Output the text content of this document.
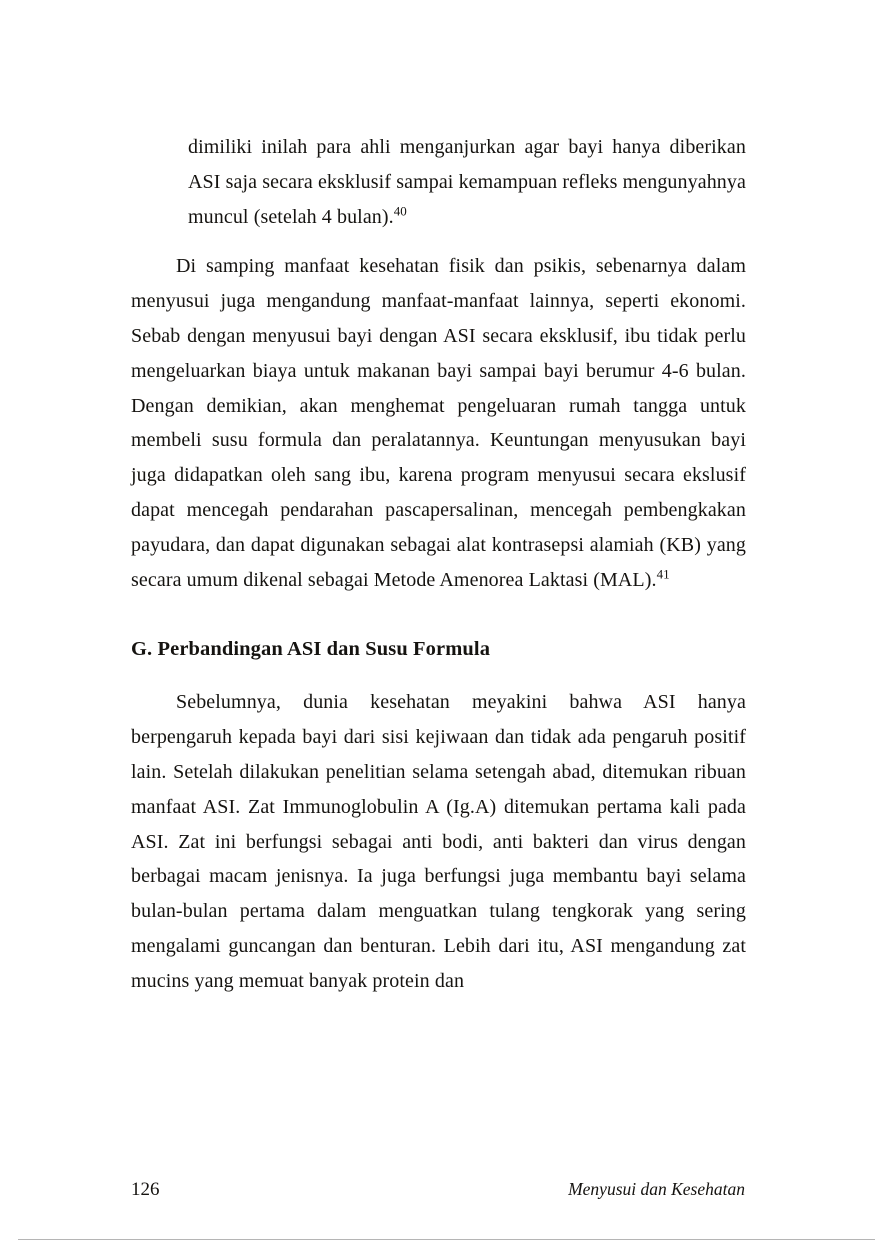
dimiliki inilah para ahli menganjurkan agar bayi hanya diberikan ASI saja secara eksklusif sampai kemampuan refleks mengunyahnya muncul (setelah 4 bulan).$^{40}$

Di samping manfaat kesehatan fisik dan psikis, sebenarnya dalam menyusui juga mengandung manfaat-manfaat lainnya, seperti ekonomi. Sebab dengan menyusui bayi dengan ASI secara eksklusif, ibu tidak perlu mengeluarkan biaya untuk makanan bayi sampai bayi berumur 4-6 bulan. Dengan demikian, akan menghemat pengeluaran rumah tangga untuk membeli susu formula dan peralatannya. Keuntungan menyusukan bayi juga didapatkan oleh sang ibu, karena program menyusui secara ekslusif dapat mencegah pendarahan pascapersalinan, mencegah pembengkakan payudara, dan dapat digunakan sebagai alat kontrasepsi alamiah (KB) yang secara umum dikenal sebagai Metode Amenorea Laktasi (MAL).$^{41}$

G. Perbandingan ASI dan Susu Formula

Sebelumnya, dunia kesehatan meyakini bahwa ASI hanya berpengaruh kepada bayi dari sisi kejiwaan dan tidak ada pengaruh positif lain. Setelah dilakukan penelitian selama setengah abad, ditemukan ribuan manfaat ASI. Zat Immunoglobulin A (Ig.A) ditemukan pertama kali pada ASI. Zat ini berfungsi sebagai anti bodi, anti bakteri dan virus dengan berbagai macam jenisnya. Ia juga berfungsi juga membantu bayi selama bulan-bulan pertama dalam menguatkan tulang tengkorak yang sering mengalami guncangan dan benturan. Lebih dari itu, ASI mengandung zat mucins yang memuat banyak protein dan

126	Menyusui dan Kesehatan
